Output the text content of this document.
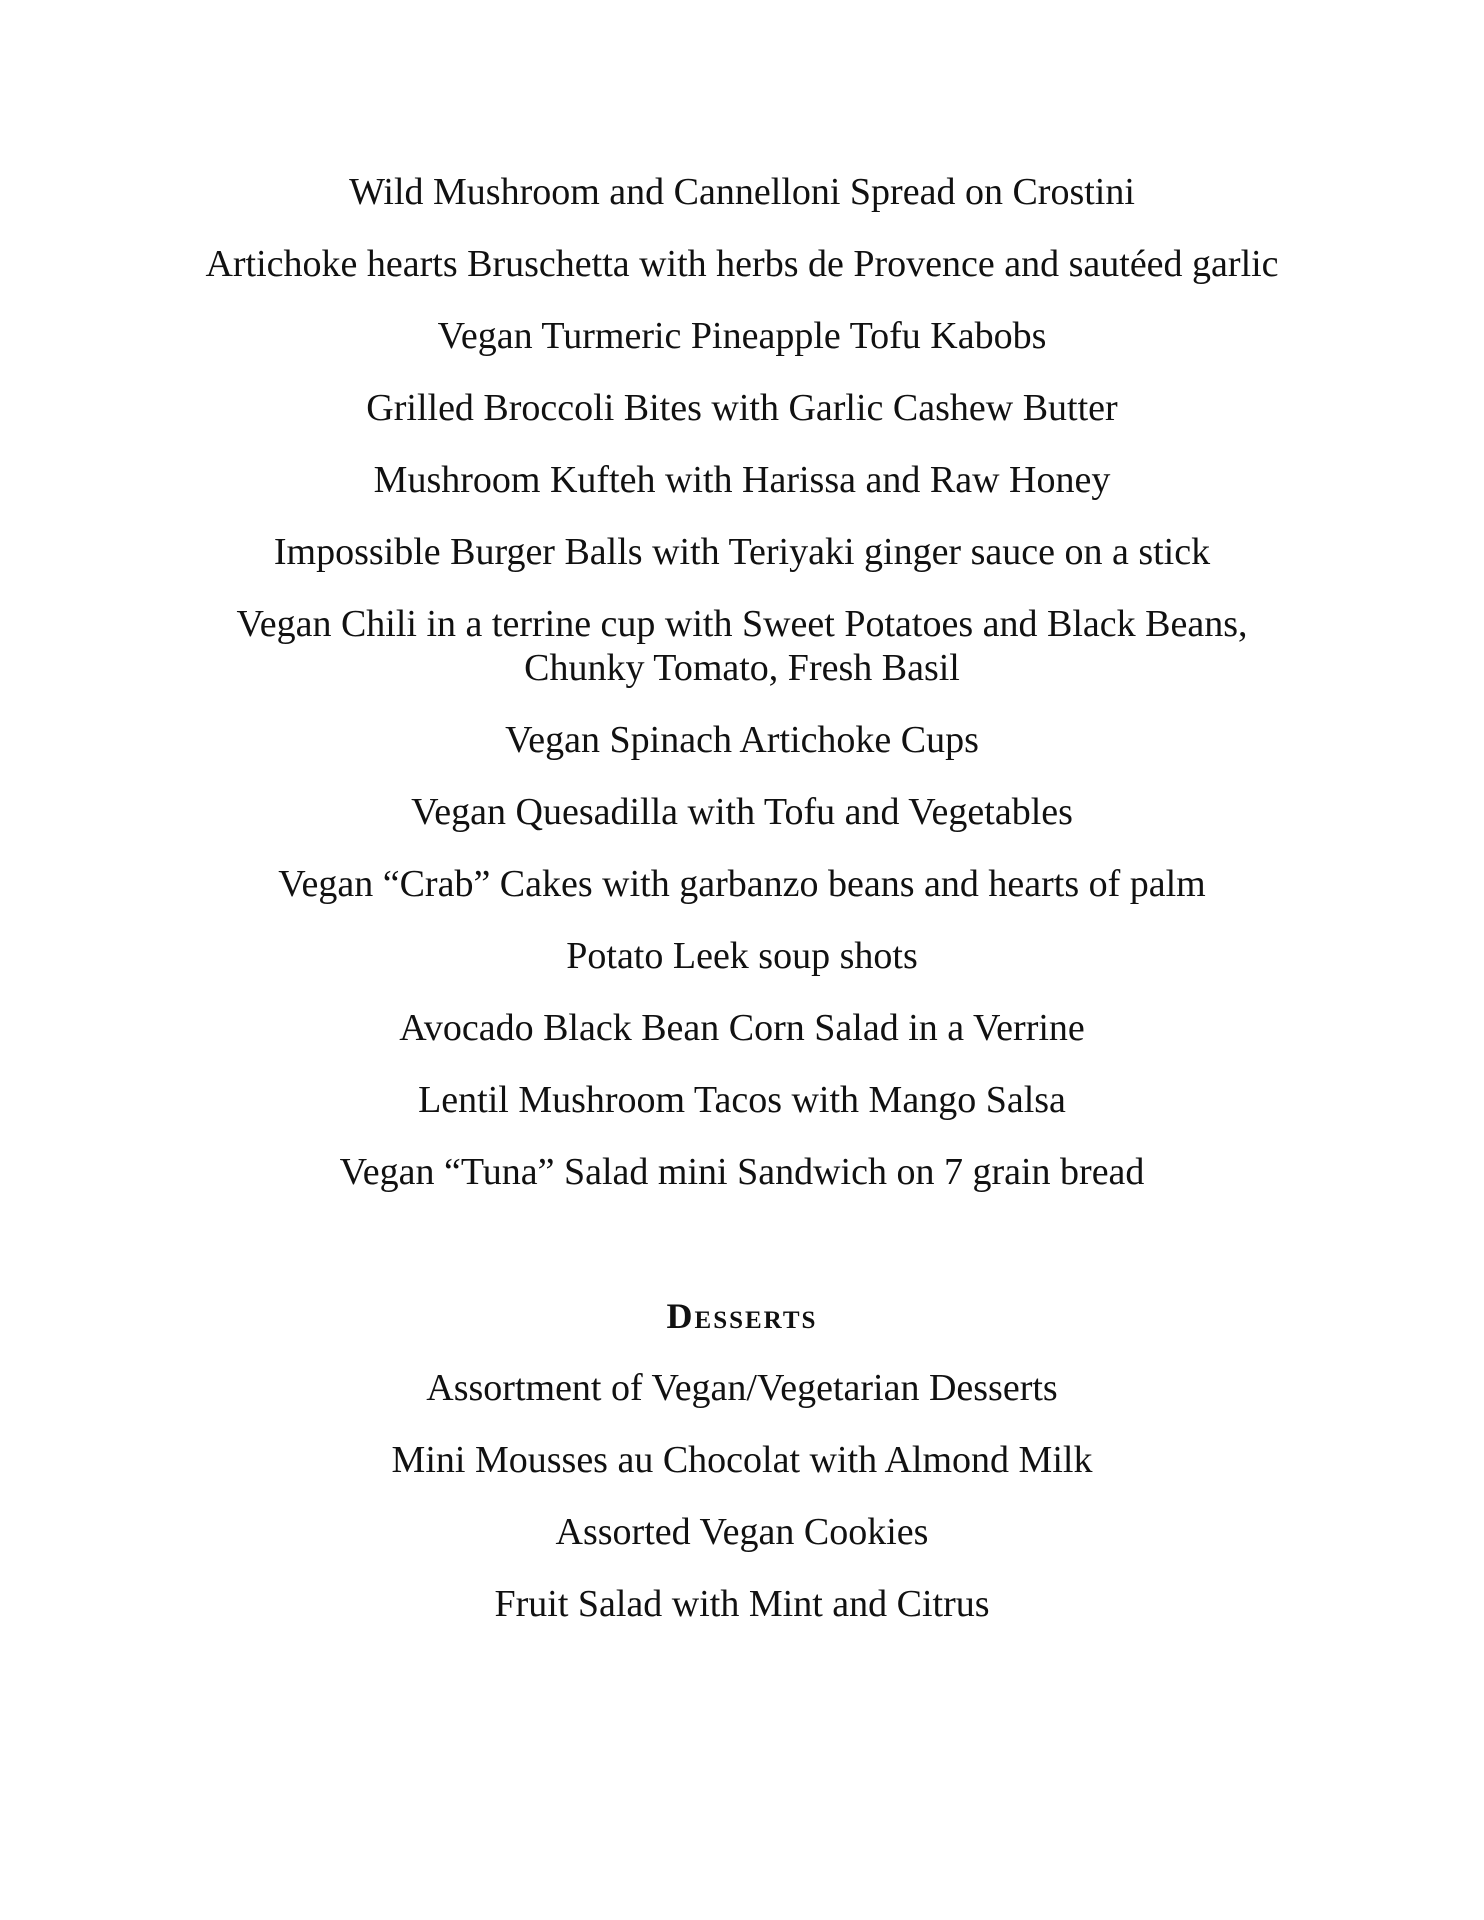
Wild Mushroom and Cannelloni Spread on Crostini
Artichoke hearts Bruschetta with herbs de Provence and sautéed garlic
Vegan Turmeric Pineapple Tofu Kabobs
Grilled Broccoli Bites with Garlic Cashew Butter
Mushroom Kufteh with Harissa and Raw Honey
Impossible Burger Balls with Teriyaki ginger sauce on a stick
Vegan Chili in a terrine cup with Sweet Potatoes and Black Beans,
Chunky Tomato, Fresh Basil
Vegan Spinach Artichoke Cups
Vegan Quesadilla with Tofu and Vegetables
Vegan “Crab” Cakes with garbanzo beans and hearts of palm
Potato Leek soup shots
Avocado Black Bean Corn Salad in a Verrine
Lentil Mushroom Tacos with Mango Salsa
Vegan “Tuna” Salad mini Sandwich on 7 grain bread
Desserts
Assortment of Vegan/Vegetarian Desserts
Mini Mousses au Chocolat with Almond Milk
Assorted Vegan Cookies
Fruit Salad with Mint and Citrus
